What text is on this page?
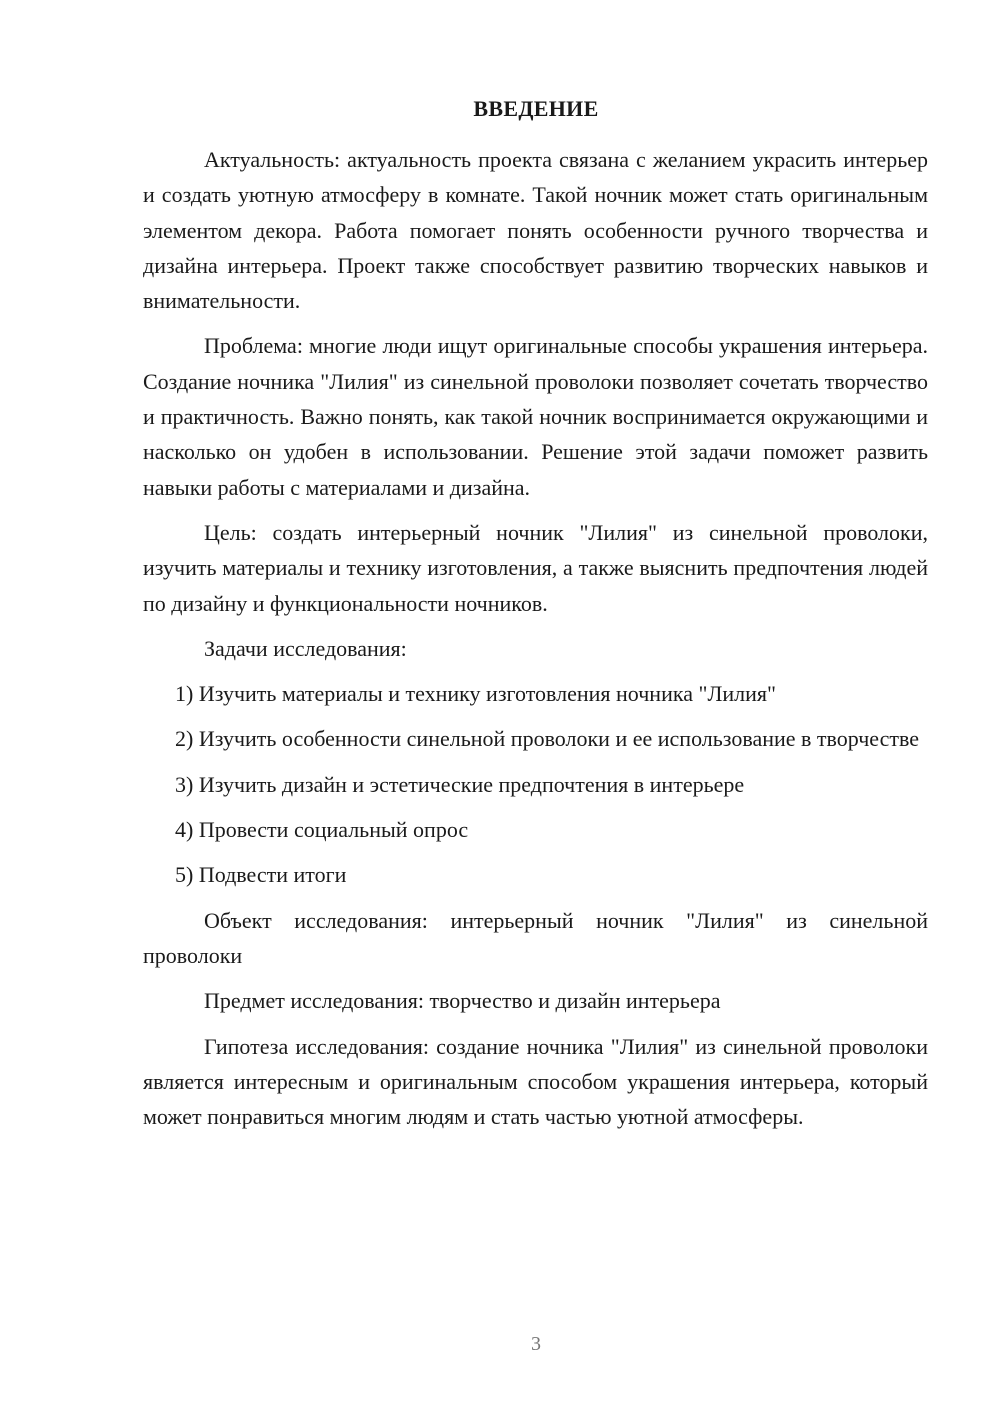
ВВЕДЕНИЕ

Актуальность: актуальность проекта связана с желанием украсить интерьер и создать уютную атмосферу в комнате. Такой ночник может стать оригинальным элементом декора. Работа помогает понять особенности ручного творчества и дизайна интерьера. Проект также способствует развитию творческих навыков и внимательности.

Проблема: многие люди ищут оригинальные способы украшения интерьера. Создание ночника "Лилия" из синельной проволоки позволяет сочетать творчество и практичность. Важно понять, как такой ночник воспринимается окружающими и насколько он удобен в использовании. Решение этой задачи поможет развить навыки работы с материалами и дизайна.

Цель: создать интерьерный ночник "Лилия" из синельной проволоки, изучить материалы и технику изготовления, а также выяснить предпочтения людей по дизайну и функциональности ночников.

Задачи исследования:

1) Изучить материалы и технику изготовления ночника "Лилия"

2) Изучить особенности синельной проволоки и ее использование в творчестве

3) Изучить дизайн и эстетические предпочтения в интерьере

4) Провести социальный опрос

5) Подвести итоги

Объект исследования: интерьерный ночник "Лилия" из синельной проволоки

Предмет исследования: творчество и дизайн интерьера

Гипотеза исследования: создание ночника "Лилия" из синельной проволоки является интересным и оригинальным способом украшения интерьера, который может понравиться многим людям и стать частью уютной атмосферы.

3
